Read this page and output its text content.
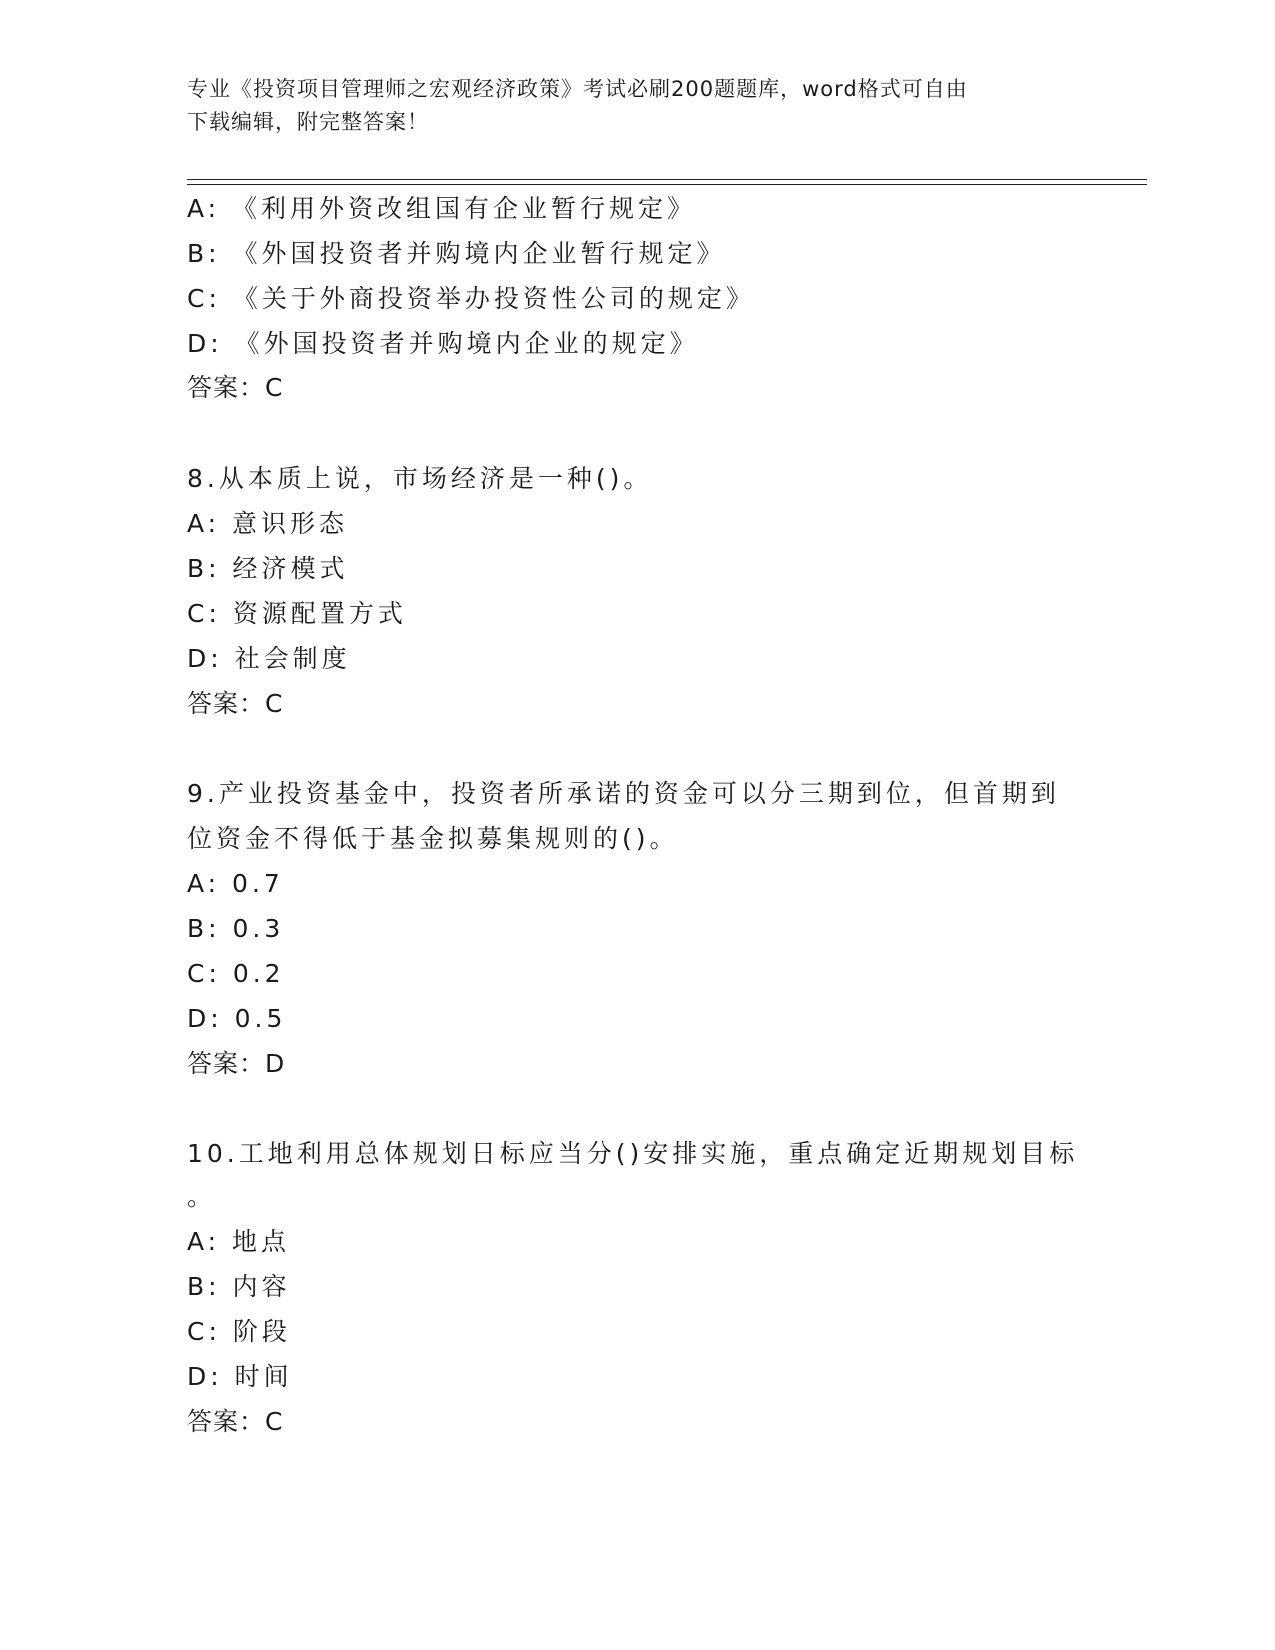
专业《投资项目管理师之宏观经济政策》考试必刷200题题库，word格式可自由
下载编辑，附完整答案！
A: 《利用外资改组国有企业暂行规定》
B: 《外国投资者并购境内企业暂行规定》
C: 《关于外商投资举办投资性公司的规定》
D: 《外国投资者并购境内企业的规定》
答案：C
8.从本质上说，市场经济是一种()。
A: 意识形态
B: 经济模式
C: 资源配置方式
D: 社会制度
答案：C
9.产业投资基金中，投资者所承诺的资金可以分三期到位，但首期到
位资金不得低于基金拟募集规则的()。
A: 0.7
B: 0.3
C: 0.2
D: 0.5
答案：D
10.工地利用总体规划日标应当分()安排实施，重点确定近期规划目标
。
A: 地点
B: 内容
C: 阶段
D: 时间
答案：C
